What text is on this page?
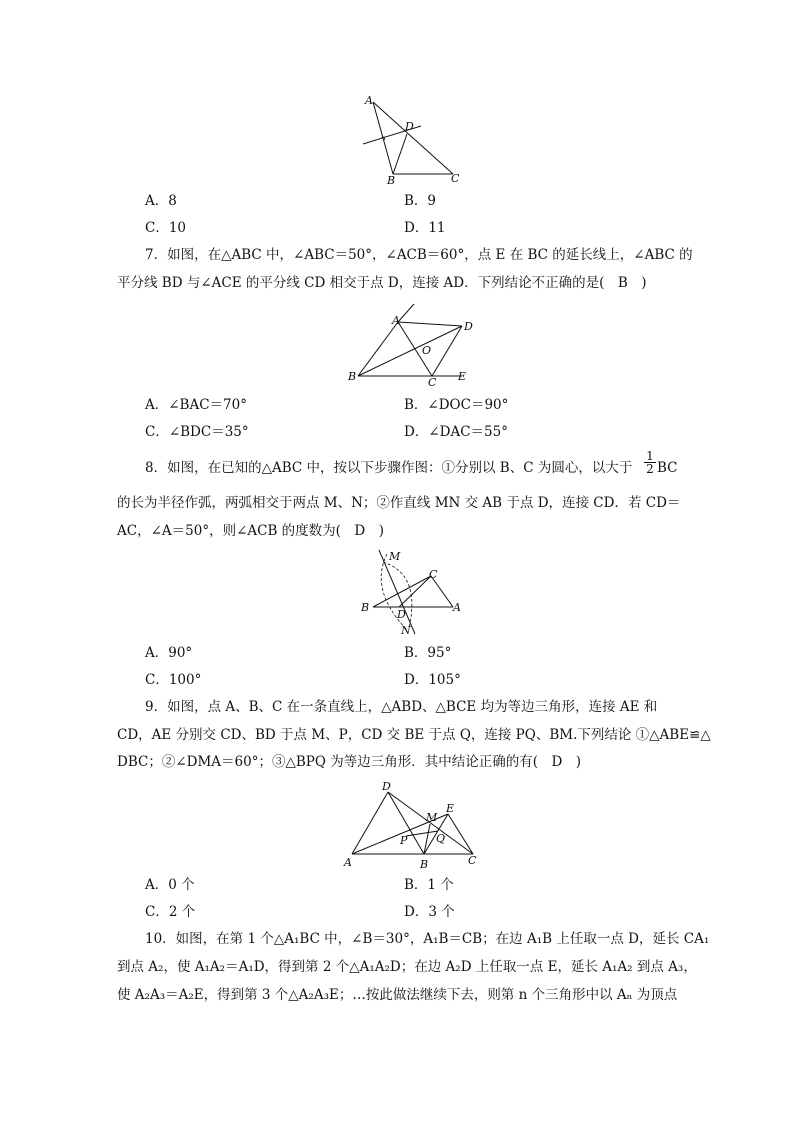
A
D
B	C
A．8	B．9
C．10	D．11
7．如图，在△ABC 中，∠ABC＝50°，∠ACB＝60°，点 E 在 BC 的延长线上，∠ABC 的
平分线 BD 与∠ACE 的平分线 CD 相交于点 D，连接 AD．下列结论不正确的是(　B　)
A	D
O
B	C E
A．∠BAC＝70°	B．∠DOC＝90°
C．∠BDC＝35°	D．∠DAC＝55°
8．如图，在已知的△ABC 中，按以下步骤作图：①分别以 B、C 为圆心，以大于 $\frac{1}{2}$ BC
的长为半径作弧，两弧相交于两点 M、N；②作直线 MN 交 AB 于点 D，连接 CD．若 CD＝
AC，∠A＝50°，则∠ACB 的度数为(　D　)
M
C
B
D
A
N
A．90°	B．95°
C．100°	D．105°
9．如图，点 A、B、C 在一条直线上，△ABD、△BCE 均为等边三角形，连接 AE 和
CD，AE 分别交 CD、BD 于点 M、P，CD 交 BE 于点 Q，连接 PQ、BM.下列结论 ①△ABE≌△
DBC；②∠DMA＝60°；③△BPQ 为等边三角形．其中结论正确的有(　D　)
D
M
E
P	Q
A	B	C
A．0 个	B．1 个
C．2 个	D．3 个
10．如图，在第 1 个△A₁BC 中，∠B＝30°，A₁B＝CB；在边 A₁B 上任取一点 D，延长 CA₁
到点 A₂，使 A₁A₂＝A₁D，得到第 2 个△A₁A₂D；在边 A₂D 上任取一点 E，延长 A₁A₂ 到点 A₃，
使 A₂A₃＝A₂E，得到第 3 个△A₂A₃E；…按此做法继续下去，则第 n 个三角形中以 Aₙ 为顶点
